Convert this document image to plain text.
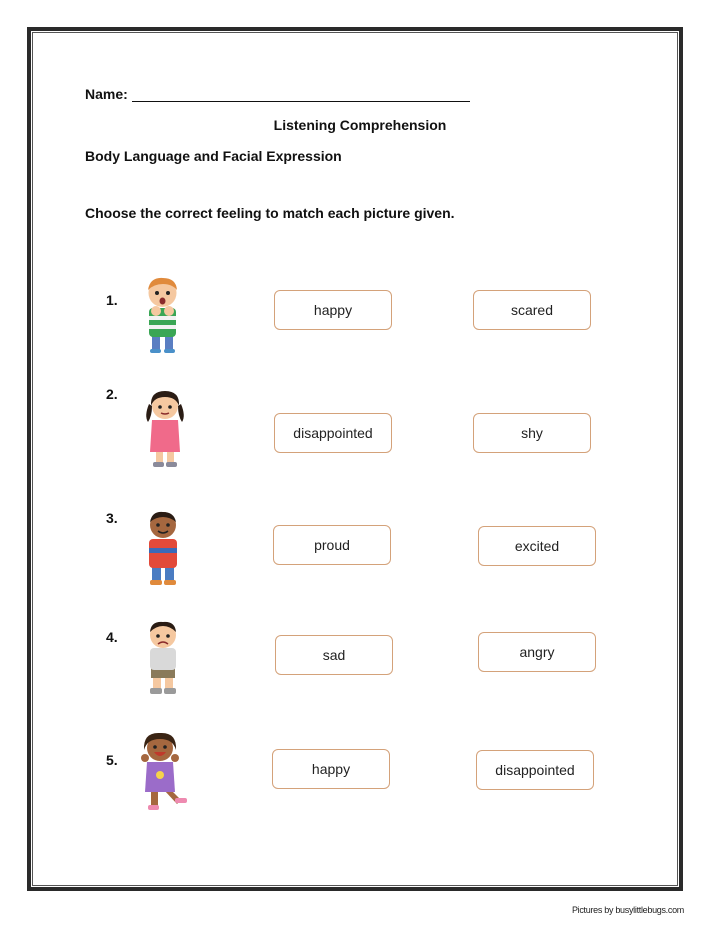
Name:
Listening Comprehension
Body Language and Facial Expression
Choose the correct feeling to match each picture given.
1.
happy	scared
2.
disappointed	shy
3.
proud	excited
4.
sad	angry
5.
happy	disappointed
Pictures by busylittlebugs.com
